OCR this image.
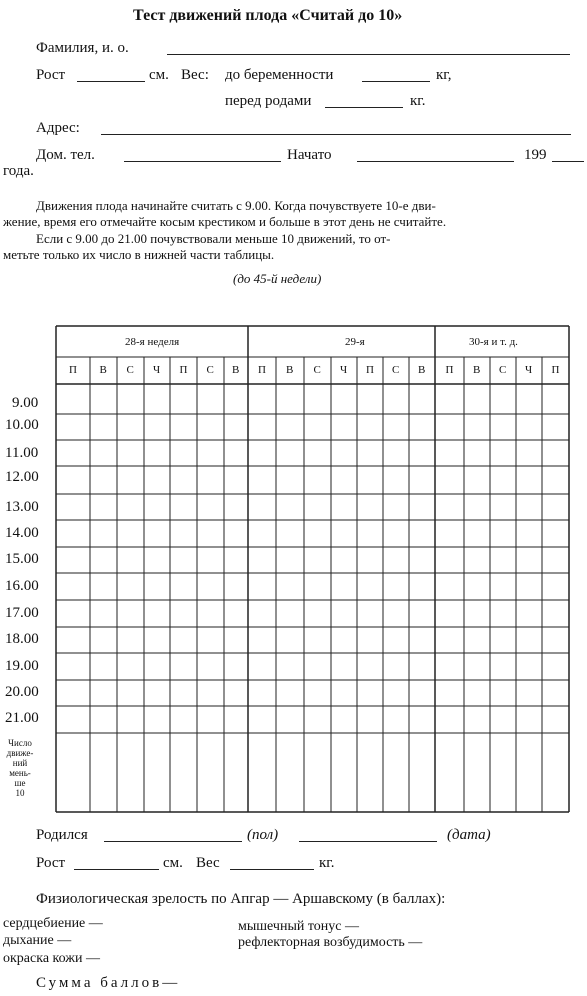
Тест движений плода «Считай до 10»
Фамилия, и. о.
Рост	см. Вес: до беременности	кг,
перед родами	кг.
Адрес:
Дом. тел.	Начато	199
года.
Движения плода начинайте считать с 9.00. Когда почувствуете 10-е дви-
жение, время его отмечайте косым крестиком и больше в этот день не считайте.
Если с 9.00 до 21.00 почувствовали меньше 10 движений, то от-
метьте только их число в нижней части таблицы.
(до 45-й недели)
28-я неделя	29-я	30-я и т. д.
П В С Ч П С В П В С Ч П С В П В С Ч П
9.00
10.00
11.00
12.00
13.00
14.00
15.00
16.00
17.00
18.00
19.00
20.00
21.00
Число
движе-
ний
мень-
ше
10
Родился	(пол)	(дата)
Рост	см. Вес	кг.
Физиологическая зрелость по Апгар — Аршавскому (в баллах):
сердцебиение —
дыхание —
окраска кожи —
мышечный тонус —
рефлекторная возбудимость —
Сумма баллов—
